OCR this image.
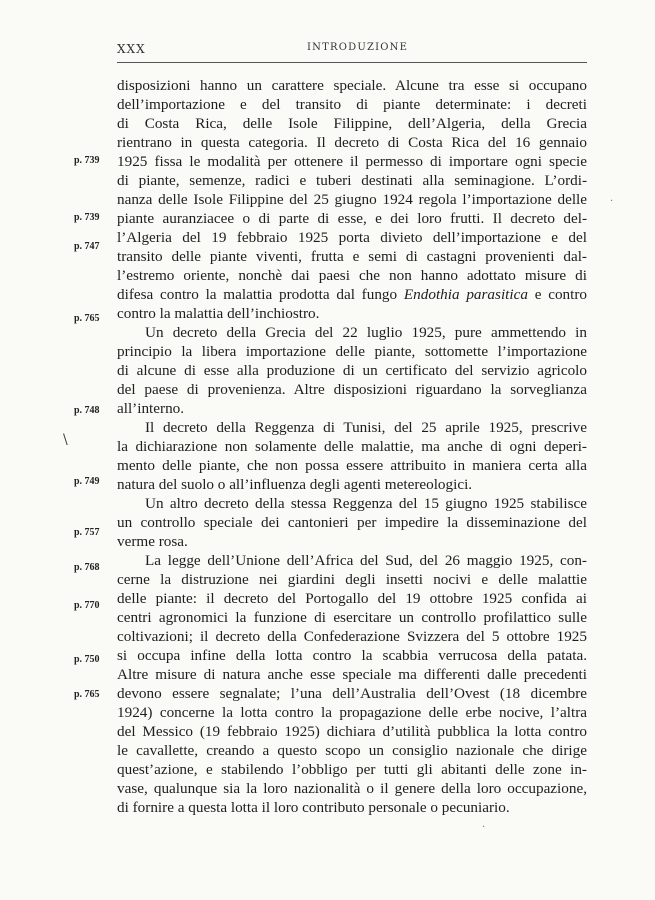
XXX	INTRODUZIONE
disposizioni hanno un carattere speciale. Alcune tra esse si occupano
dell’importazione e del transito di piante determinate: i decreti
di Costa Rica, delle Isole Filippine, dell’Algeria, della Grecia
rientrano in questa categoria. Il decreto di Costa Rica del 16 gennaio
1925 fissa le modalità per ottenere il permesso di importare ogni specie
di piante, semenze, radici e tuberi destinati alla seminagione. L’ordi-
nanza delle Isole Filippine del 25 giugno 1924 regola l’importazione delle
piante auranziacee o di parte di esse, e dei loro frutti. Il decreto del-
l’Algeria del 19 febbraio 1925 porta divieto dell’importazione e del
transito delle piante viventi, frutta e semi di castagni provenienti dal-
l’estremo oriente, nonchè dai paesi che non hanno adottato misure di
difesa contro la malattia prodotta dal fungo Endothia parasitica e contro
contro la malattia dell’inchiostro.
Un decreto della Grecia del 22 luglio 1925, pure ammettendo in
principio la libera importazione delle piante, sottomette l’importazione
di alcune di esse alla produzione di un certificato del servizio agricolo
del paese di provenienza. Altre disposizioni riguardano la sorveglianza
all’interno.
Il decreto della Reggenza di Tunisi, del 25 aprile 1925, prescrive
la dichiarazione non solamente delle malattie, ma anche di ogni deperi-
mento delle piante, che non possa essere attribuito in maniera certa alla
natura del suolo o all’influenza degli agenti metereologici.
Un altro decreto della stessa Reggenza del 15 giugno 1925 stabilisce
un controllo speciale dei cantonieri per impedire la disseminazione del
verme rosa.
La legge dell’Unione dell’Africa del Sud, del 26 maggio 1925, con-
cerne la distruzione nei giardini degli insetti nocivi e delle malattie
delle piante: il decreto del Portogallo del 19 ottobre 1925 confida ai
centri agronomici la funzione di esercitare un controllo profilattico sulle
coltivazioni; il decreto della Confederazione Svizzera del 5 ottobre 1925
si occupa infine della lotta contro la scabbia verrucosa della patata.
Altre misure di natura anche esse speciale ma differenti dalle precedenti
devono essere segnalate; l’una dell’Australia dell’Ovest (18 dicembre
1924) concerne la lotta contro la propagazione delle erbe nocive, l’altra
del Messico (19 febbraio 1925) dichiara d’utilità pubblica la lotta contro
le cavallette, creando a questo scopo un consiglio nazionale che dirige
quest’azione, e stabilendo l’obbligo per tutti gli abitanti delle zone in-
vase, qualunque sia la loro nazionalità o il genere della loro occupazione,
di fornire a questa lotta il loro contributo personale o pecuniario.
p. 739
p. 739
p. 747
p. 765
p. 748
p. 749
p. 757
p. 768
p. 770
p. 750
p. 765
\
·
·
